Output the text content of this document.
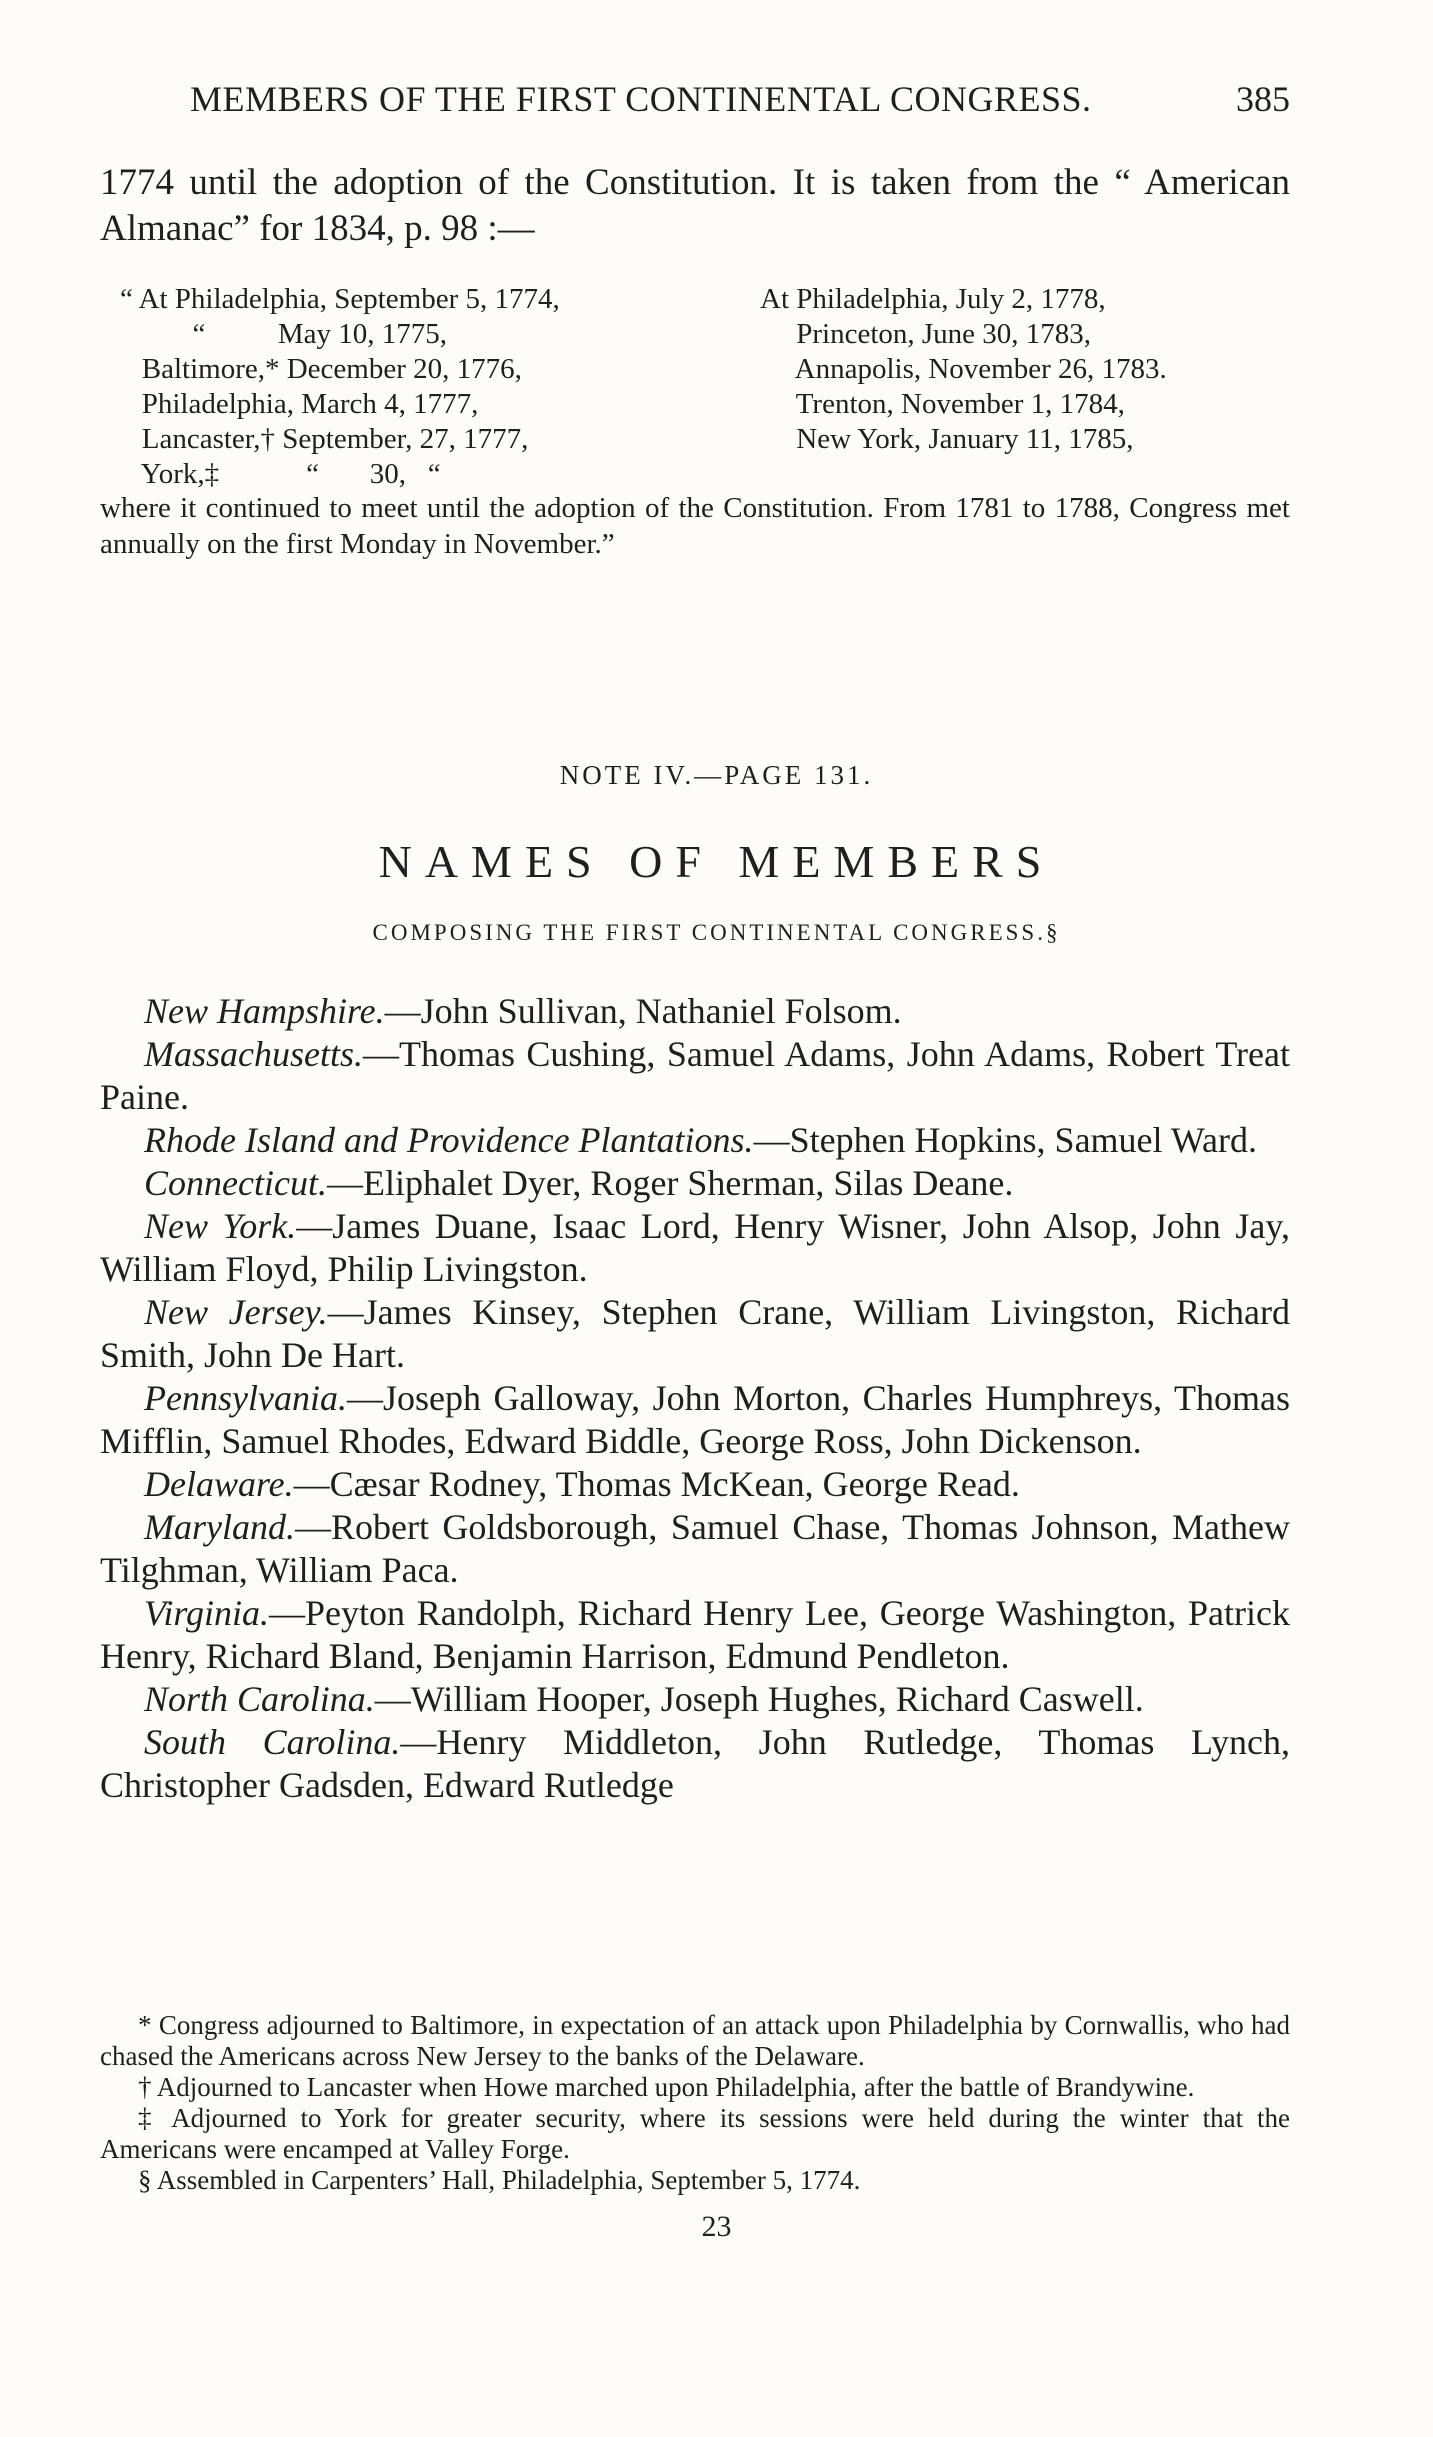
MEMBERS OF THE FIRST CONTINENTAL CONGRESS.	385

1774 until the adoption of the Constitution. It is taken from the “ American Almanac” for 1834, p. 98 :—

“ At Philadelphia, September 5, 1774,
“          May 10, 1775,
Baltimore,* December 20, 1776,
Philadelphia, March 4, 1777,
Lancaster,† September, 27, 1777,
York,‡            “       30,   “
At Philadelphia, July 2, 1778,
Princeton, June 30, 1783,
Annapolis, November 26, 1783.
Trenton, November 1, 1784,
New York, January 11, 1785,
where it continued to meet until the adoption of the Constitution. From 1781 to 1788, Congress met annually on the first Monday in November.”
NOTE IV.—PAGE 131.
NAMES OF MEMBERS
COMPOSING THE FIRST CONTINENTAL CONGRESS.§
New Hampshire.—John Sullivan, Nathaniel Folsom.
Massachusetts.—Thomas Cushing, Samuel Adams, John Adams, Robert Treat Paine.
Rhode Island and Providence Plantations.—Stephen Hopkins, Samuel Ward.
Connecticut.—Eliphalet Dyer, Roger Sherman, Silas Deane.
New York.—James Duane, Isaac Lord, Henry Wisner, John Alsop, John Jay, William Floyd, Philip Livingston.
New Jersey.—James Kinsey, Stephen Crane, William Livingston, Richard Smith, John De Hart.
Pennsylvania.—Joseph Galloway, John Morton, Charles Humphreys, Thomas Mifflin, Samuel Rhodes, Edward Biddle, George Ross, John Dickenson.
Delaware.—Cæsar Rodney, Thomas McKean, George Read.
Maryland.—Robert Goldsborough, Samuel Chase, Thomas Johnson, Mathew Tilghman, William Paca.
Virginia.—Peyton Randolph, Richard Henry Lee, George Washington, Patrick Henry, Richard Bland, Benjamin Harrison, Edmund Pendleton.
North Carolina.—William Hooper, Joseph Hughes, Richard Caswell.
South Carolina.—Henry Middleton, John Rutledge, Thomas Lynch, Christopher Gadsden, Edward Rutledge
* Congress adjourned to Baltimore, in expectation of an attack upon Philadelphia by Cornwallis, who had chased the Americans across New Jersey to the banks of the Delaware.
† Adjourned to Lancaster when Howe marched upon Philadelphia, after the battle of Brandywine.
‡ Adjourned to York for greater security, where its sessions were held during the winter that the Americans were encamped at Valley Forge.
§ Assembled in Carpenters’ Hall, Philadelphia, September 5, 1774.
23
